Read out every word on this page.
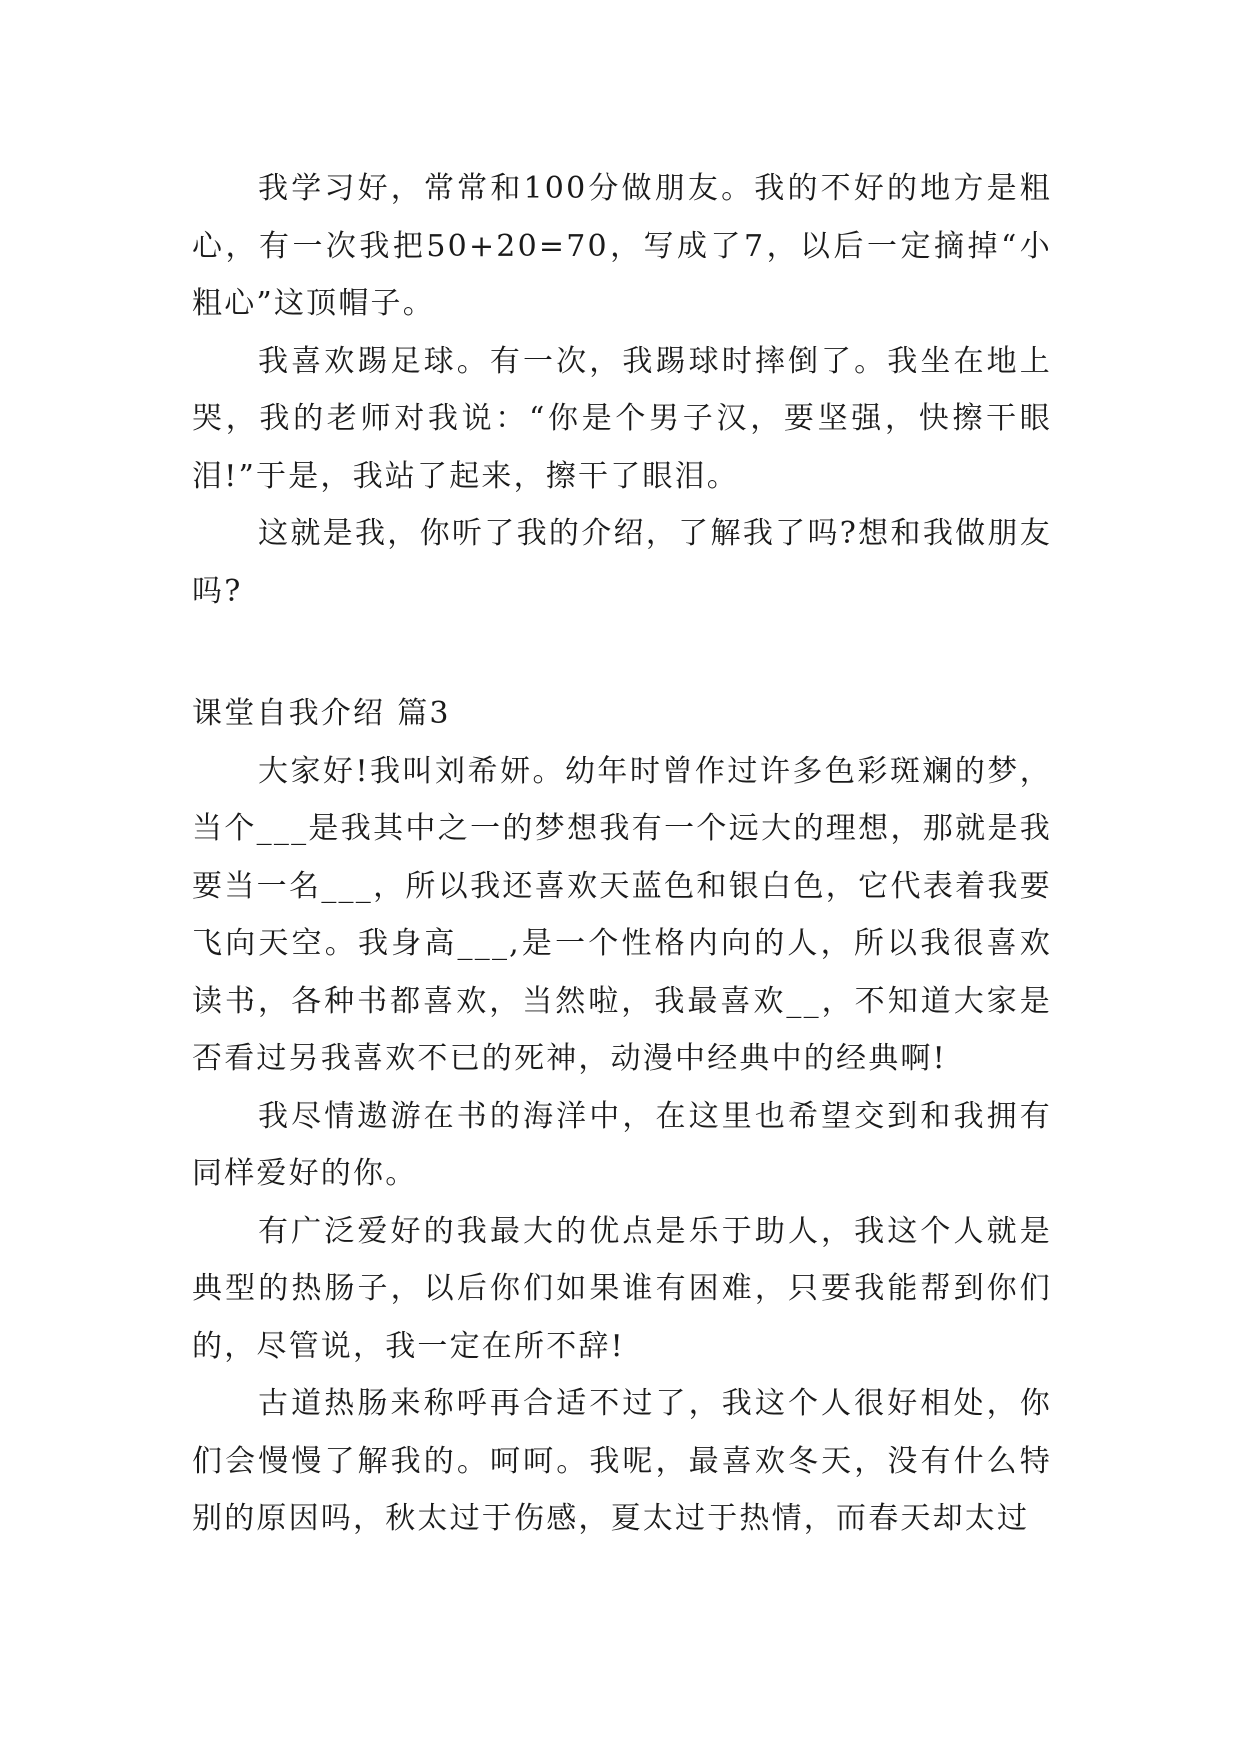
我学习好，常常和100分做朋友。我的不好的地方是粗心，有一次我把50+20=70，写成了7，以后一定摘掉“小粗心”这顶帽子。

我喜欢踢足球。有一次，我踢球时摔倒了。我坐在地上哭，我的老师对我说：“你是个男子汉，要坚强，快擦干眼泪!”于是，我站了起来，擦干了眼泪。

这就是我，你听了我的介绍，了解我了吗?想和我做朋友吗?

课堂自我介绍 篇3

大家好!我叫刘希妍。幼年时曾作过许多色彩斑斓的梦，当个___是我其中之一的梦想我有一个远大的理想，那就是我要当一名___，所以我还喜欢天蓝色和银白色，它代表着我要飞向天空。我身高___,是一个性格内向的人，所以我很喜欢读书，各种书都喜欢，当然啦，我最喜欢__，不知道大家是否看过另我喜欢不已的死神，动漫中经典中的经典啊!

我尽情遨游在书的海洋中，在这里也希望交到和我拥有同样爱好的你。

有广泛爱好的我最大的优点是乐于助人，我这个人就是典型的热肠子，以后你们如果谁有困难，只要我能帮到你们的，尽管说，我一定在所不辞!

古道热肠来称呼再合适不过了，我这个人很好相处，你们会慢慢了解我的。呵呵。我呢，最喜欢冬天，没有什么特别的原因吗，秋太过于伤感，夏太过于热情，而春天却太过
